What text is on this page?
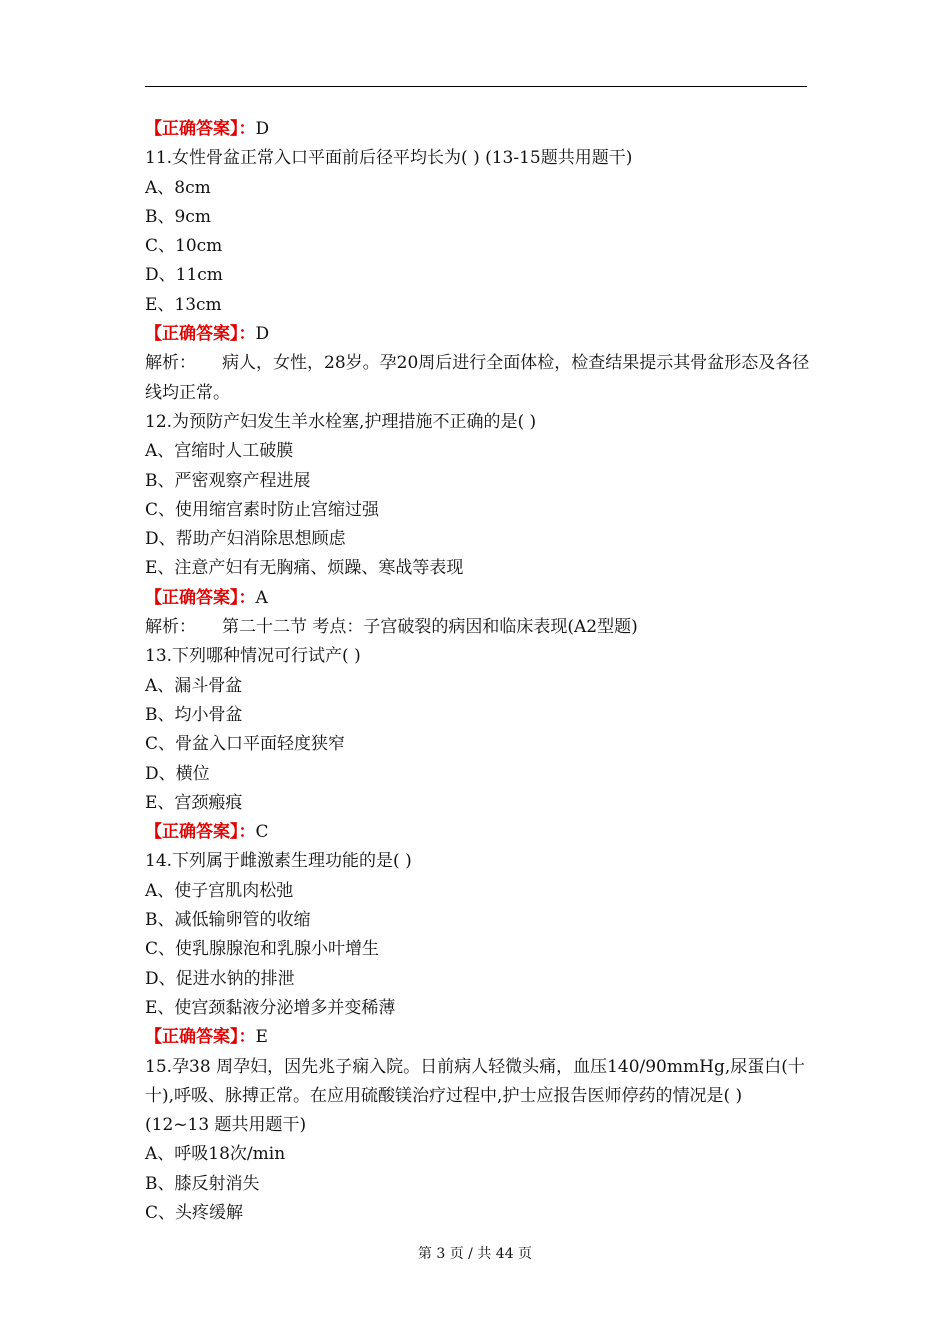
【正确答案】：D

11.女性骨盆正常入口平面前后径平均长为( ) (13-15题共用题干)

A、8cm

B、9cm

C、10cm

D、11cm

E、13cm

【正确答案】：D

解析： 病人，女性，28岁。孕20周后进行全面体检，检查结果提示其骨盆形态及各径线均正常。

12.为预防产妇发生羊水栓塞,护理措施不正确的是( )

A、宫缩时人工破膜

B、严密观察产程进展

C、使用缩宫素时防止宫缩过强

D、帮助产妇消除思想顾虑

E、注意产妇有无胸痛、烦躁、寒战等表现

【正确答案】：A

解析： 第二十二节 考点：子宫破裂的病因和临床表现(A2型题)

13.下列哪种情况可行试产( )

A、漏斗骨盆

B、均小骨盆

C、骨盆入口平面轻度狭窄

D、横位

E、宫颈瘢痕

【正确答案】：C

14.下列属于雌激素生理功能的是( )

A、使子宫肌肉松弛

B、减低输卵管的收缩

C、使乳腺腺泡和乳腺小叶增生

D、促进水钠的排泄

E、使宫颈黏液分泌增多并变稀薄

【正确答案】：E

15.孕38 周孕妇，因先兆子痫入院。日前病人轻微头痛，血压140/90mmHg,尿蛋白(十十),呼吸、脉搏正常。在应用硫酸镁治疗过程中,护士应报告医师停药的情况是( ) (12~13 题共用题干)

A、呼吸18次/min

B、膝反射消失

C、头疼缓解

第 3 页 / 共 44 页
